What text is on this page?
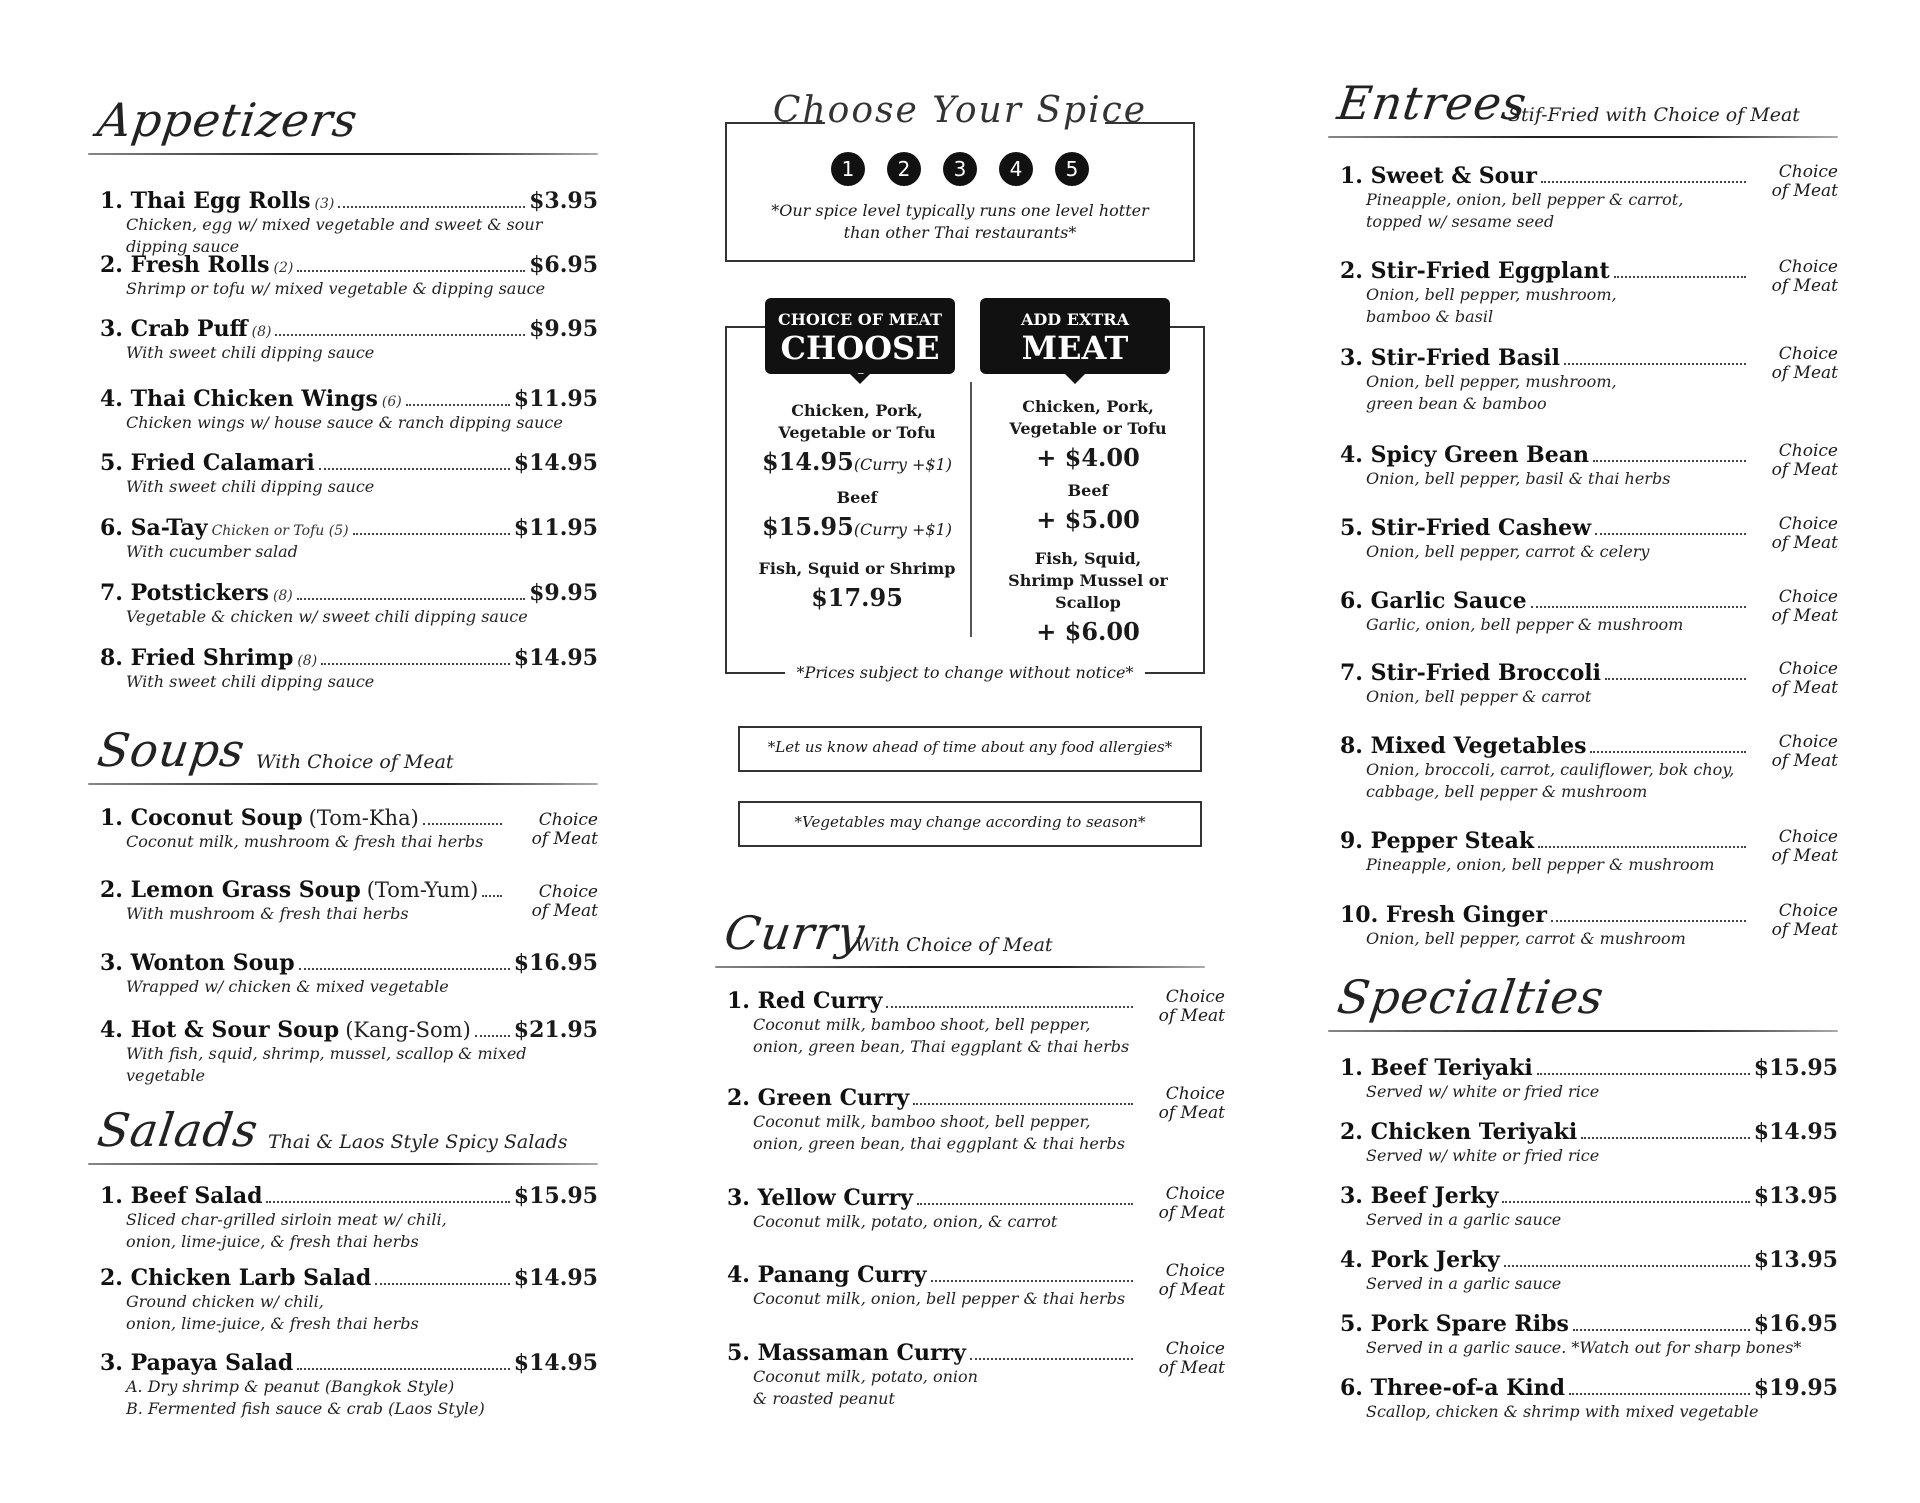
Appetizers
1. Thai Egg Rolls (3)	$3.95
Chicken, egg w/ mixed vegetable and sweet & sour dipping sauce
2. Fresh Rolls (2)	$6.95
Shrimp or tofu w/ mixed vegetable & dipping sauce
3. Crab Puff (8)	$9.95
With sweet chili dipping sauce
4. Thai Chicken Wings (6)	$11.95
Chicken wings w/ house sauce & ranch dipping sauce
5. Fried Calamari	$14.95
With sweet chili dipping sauce
6. Sa-Tay Chicken or Tofu (5)	$11.95
With cucumber salad
7. Potstickers (8)	$9.95
Vegetable & chicken w/ sweet chili dipping sauce
8. Fried Shrimp (8)	$14.95
With sweet chili dipping sauce
Soups With Choice of Meat
1. Coconut Soup (Tom-Kha)
Coconut milk, mushroom & fresh thai herbs
Choice of Meat
2. Lemon Grass Soup (Tom-Yum)
With mushroom & fresh thai herbs
Choice of Meat
3. Wonton Soup	$16.95
Wrapped w/ chicken & mixed vegetable
4. Hot & Sour Soup (Kang-Som) $21.95
With fish, squid, shrimp, mussel, scallop & mixed vegetable
Salads Thai & Laos Style Spicy Salads
1. Beef Salad	$15.95
Sliced char-grilled sirloin meat w/ chili,
onion, lime-juice, & fresh thai herbs
2. Chicken Larb Salad	$14.95
Ground chicken w/ chili,
onion, lime-juice, & fresh thai herbs
3. Papaya Salad	$14.95
A. Dry shrimp & peanut (Bangkok Style)
B. Fermented fish sauce & crab (Laos Style)
Choose Your Spice
1 2 3 4 5
*Our spice level typically runs one level hotter than other Thai restaurants*
CHOICE OF MEAT
CHOOSE 1
ADD EXTRA
MEAT
Chicken, Pork, Vegetable or Tofu
$14.95(Curry +$1)
Beef
$15.95(Curry +$1)
Fish, Squid or Shrimp
$17.95
Chicken, Pork, Vegetable or Tofu
+ $4.00
Beef
+ $5.00
Fish, Squid, Shrimp Mussel or Scallop
+ $6.00
*Prices subject to change without notice*
*Let us know ahead of time about any food allergies*
*Vegetables may change according to season*
Curry
With Choice of Meat
1. Red Curry
Coconut milk, bamboo shoot, bell pepper,
onion, green bean, Thai eggplant & thai herbs
Choice of Meat
2. Green Curry
Coconut milk, bamboo shoot, bell pepper,
onion, green bean, thai eggplant & thai herbs
Choice of Meat
3. Yellow Curry
Coconut milk, potato, onion, & carrot
Choice of Meat
4. Panang Curry
Coconut milk, onion, bell pepper & thai herbs
Choice of Meat
5. Massaman Curry
Coconut milk, potato, onion
& roasted peanut
Choice of Meat
Entrees
Stif-Fried with Choice of Meat
1. Sweet & Sour
Pineapple, onion, bell pepper & carrot,
topped w/ sesame seed
Choice of Meat
2. Stir-Fried Eggplant
Onion, bell pepper, mushroom,
bamboo & basil
Choice of Meat
3. Stir-Fried Basil
Onion, bell pepper, mushroom,
green bean & bamboo
Choice of Meat
4. Spicy Green Bean
Onion, bell pepper, basil & thai herbs
Choice of Meat
5. Stir-Fried Cashew
Onion, bell pepper, carrot & celery
Choice of Meat
6. Garlic Sauce
Garlic, onion, bell pepper & mushroom
Choice of Meat
7. Stir-Fried Broccoli
Onion, bell pepper & carrot
Choice of Meat
8. Mixed Vegetables
Onion, broccoli, carrot, cauliflower, bok choy,
cabbage, bell pepper & mushroom
Choice of Meat
9. Pepper Steak
Pineapple, onion, bell pepper & mushroom
Choice of Meat
10. Fresh Ginger
Onion, bell pepper, carrot & mushroom
Choice of Meat
Specialties
1. Beef Teriyaki	$15.95
Served w/ white or fried rice
2. Chicken Teriyaki	$14.95
Served w/ white or fried rice
3. Beef Jerky	$13.95
Served in a garlic sauce
4. Pork Jerky	$13.95
Served in a garlic sauce
5. Pork Spare Ribs	$16.95
Served in a garlic sauce. *Watch out for sharp bones*
6. Three-of-a Kind	$19.95
Scallop, chicken & shrimp with mixed vegetable
